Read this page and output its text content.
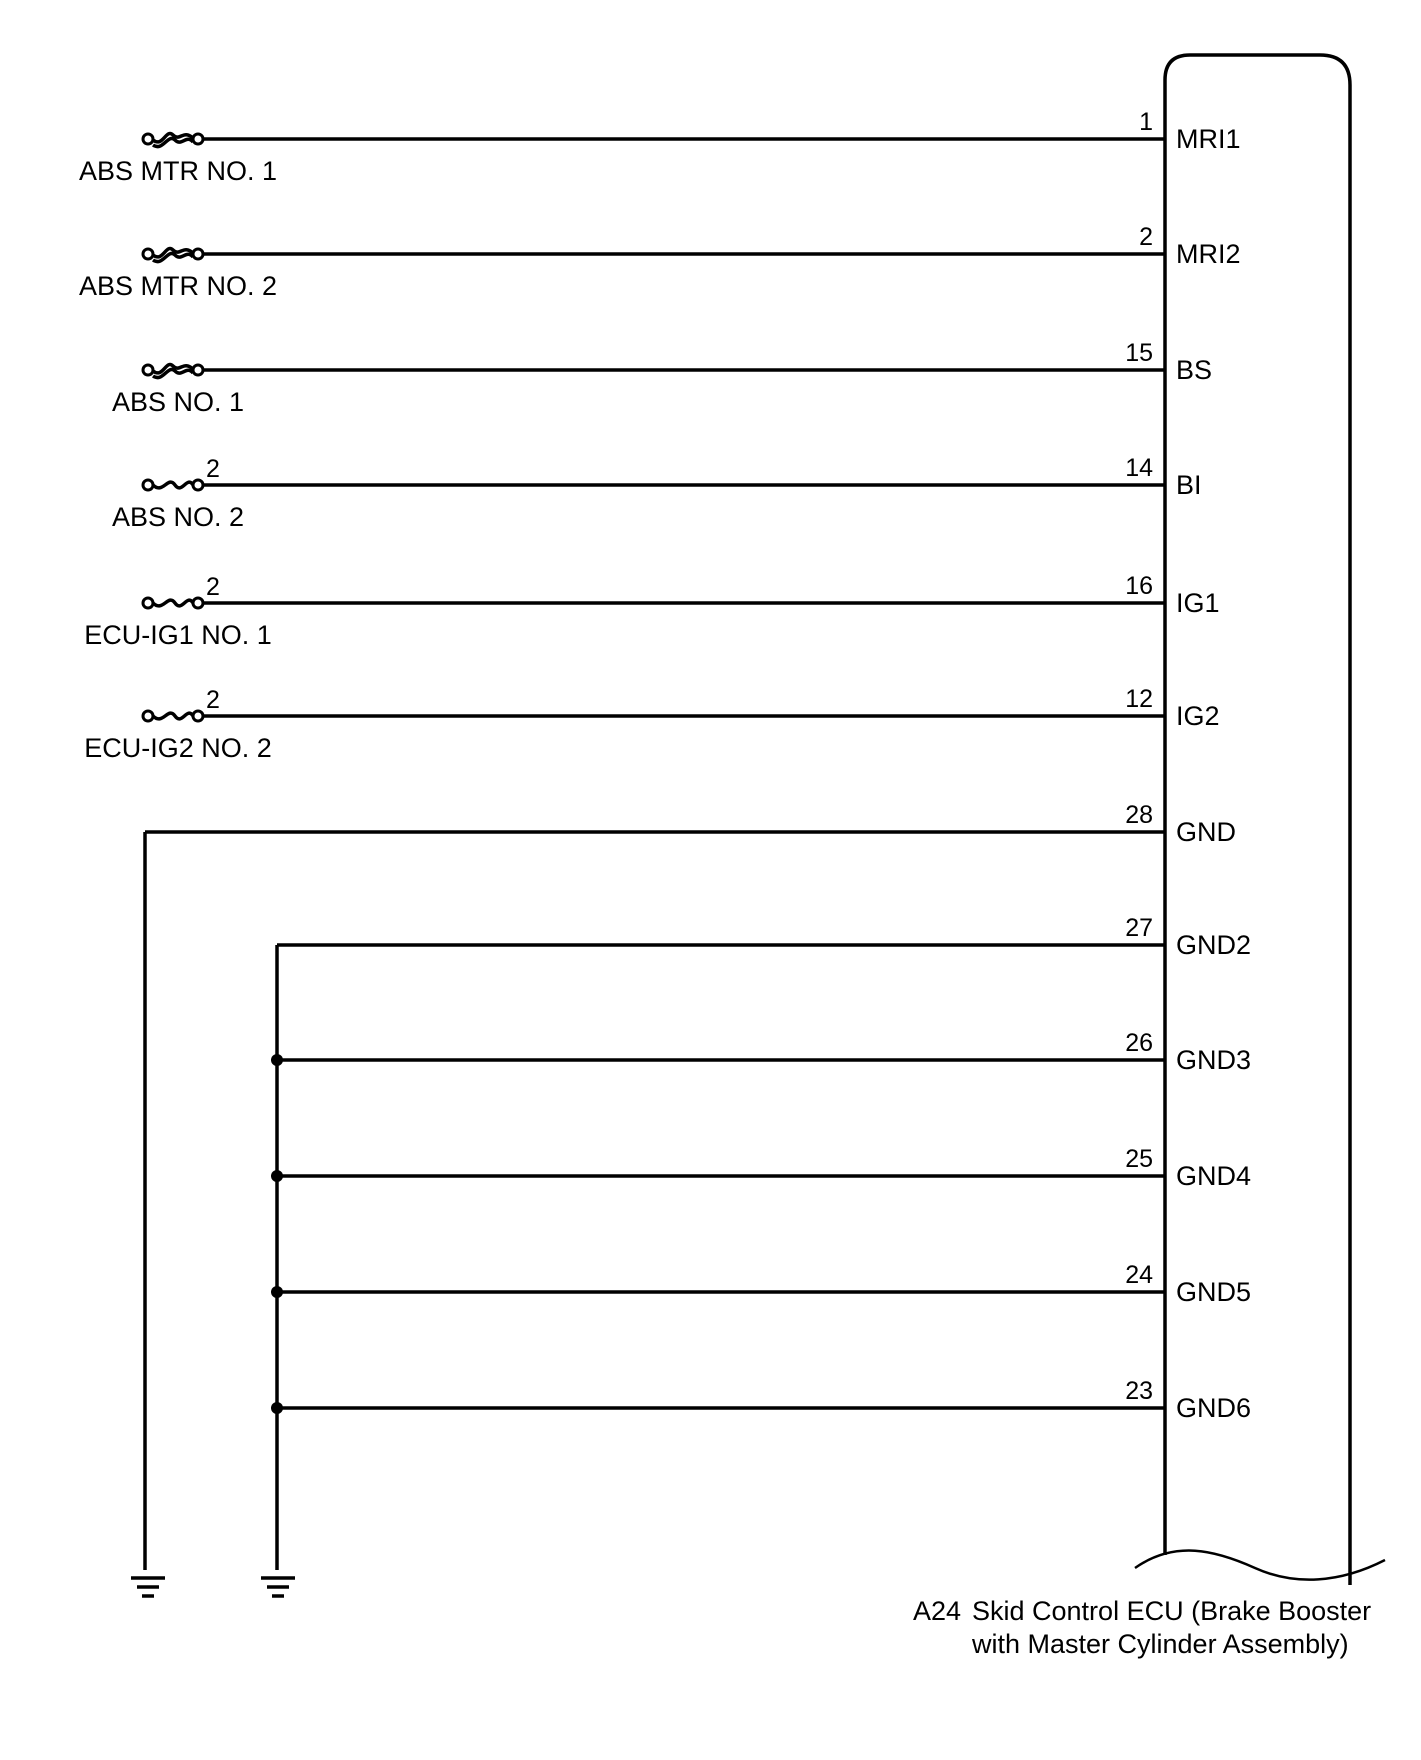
ABS MTR NO. 1
1
MRI1
ABS MTR NO. 2
2
MRI2
ABS NO. 1
15
BS
ABS NO. 2
2	14
BI
ECU-IG1 NO. 1
2	16
IG1
ECU-IG2 NO. 2
2	12
IG2
28
GND
27
GND2
26
GND3
25
GND4
24
GND5
23
GND6
A24 Skid Control ECU (Brake Booster
with Master Cylinder Assembly)
